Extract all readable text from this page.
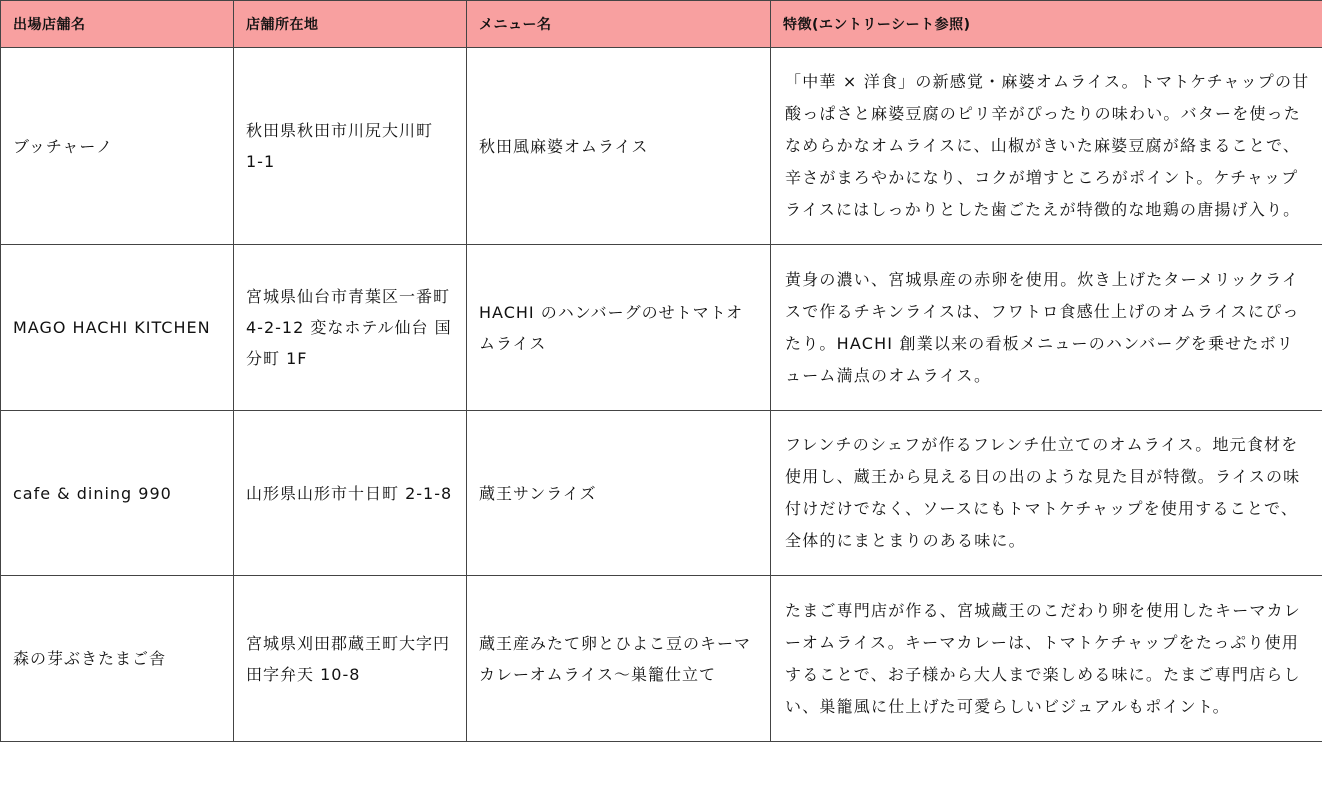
出場店舗名	店舗所在地	メニュー名	特徴(エントリーシート参照)
ブッチャーノ	秋田県秋田市川尻大川町 1-1	秋田風麻婆オムライス	「中華 × 洋食」の新感覚・麻婆オムライス。トマトケチャップの甘酸っぱさと麻婆豆腐のピリ辛がぴったりの味わい。バターを使ったなめらかなオムライスに、山椒がきいた麻婆豆腐が絡まることで、辛さがまろやかになり、コクが増すところがポイント。ケチャップライスにはしっかりとした歯ごたえが特徴的な地鶏の唐揚げ入り。
MAGO HACHI KITCHEN	宮城県仙台市青葉区一番町 4-2-12 変なホテル仙台 国分町 1F	HACHI のハンバーグのせトマトオムライス	黄身の濃い、宮城県産の赤卵を使用。炊き上げたターメリックライスで作るチキンライスは、フワトロ食感仕上げのオムライスにぴったり。HACHI 創業以来の看板メニューのハンバーグを乗せたボリューム満点のオムライス。
cafe & dining 990	山形県山形市十日町 2-1-8	蔵王サンライズ	フレンチのシェフが作るフレンチ仕立てのオムライス。地元食材を使用し、蔵王から見える日の出のような見た目が特徴。ライスの味付けだけでなく、ソースにもトマトケチャップを使用することで、全体的にまとまりのある味に。
森の芽ぶきたまご舎	宮城県刈田郡蔵王町大字円田字弁天 10-8	蔵王産みたて卵とひよこ豆のキーマカレーオムライス～巣籠仕立て	たまご専門店が作る、宮城蔵王のこだわり卵を使用したキーマカレーオムライス。キーマカレーは、トマトケチャップをたっぷり使用することで、お子様から大人まで楽しめる味に。たまご専門店らしい、巣籠風に仕上げた可愛らしいビジュアルもポイント。
